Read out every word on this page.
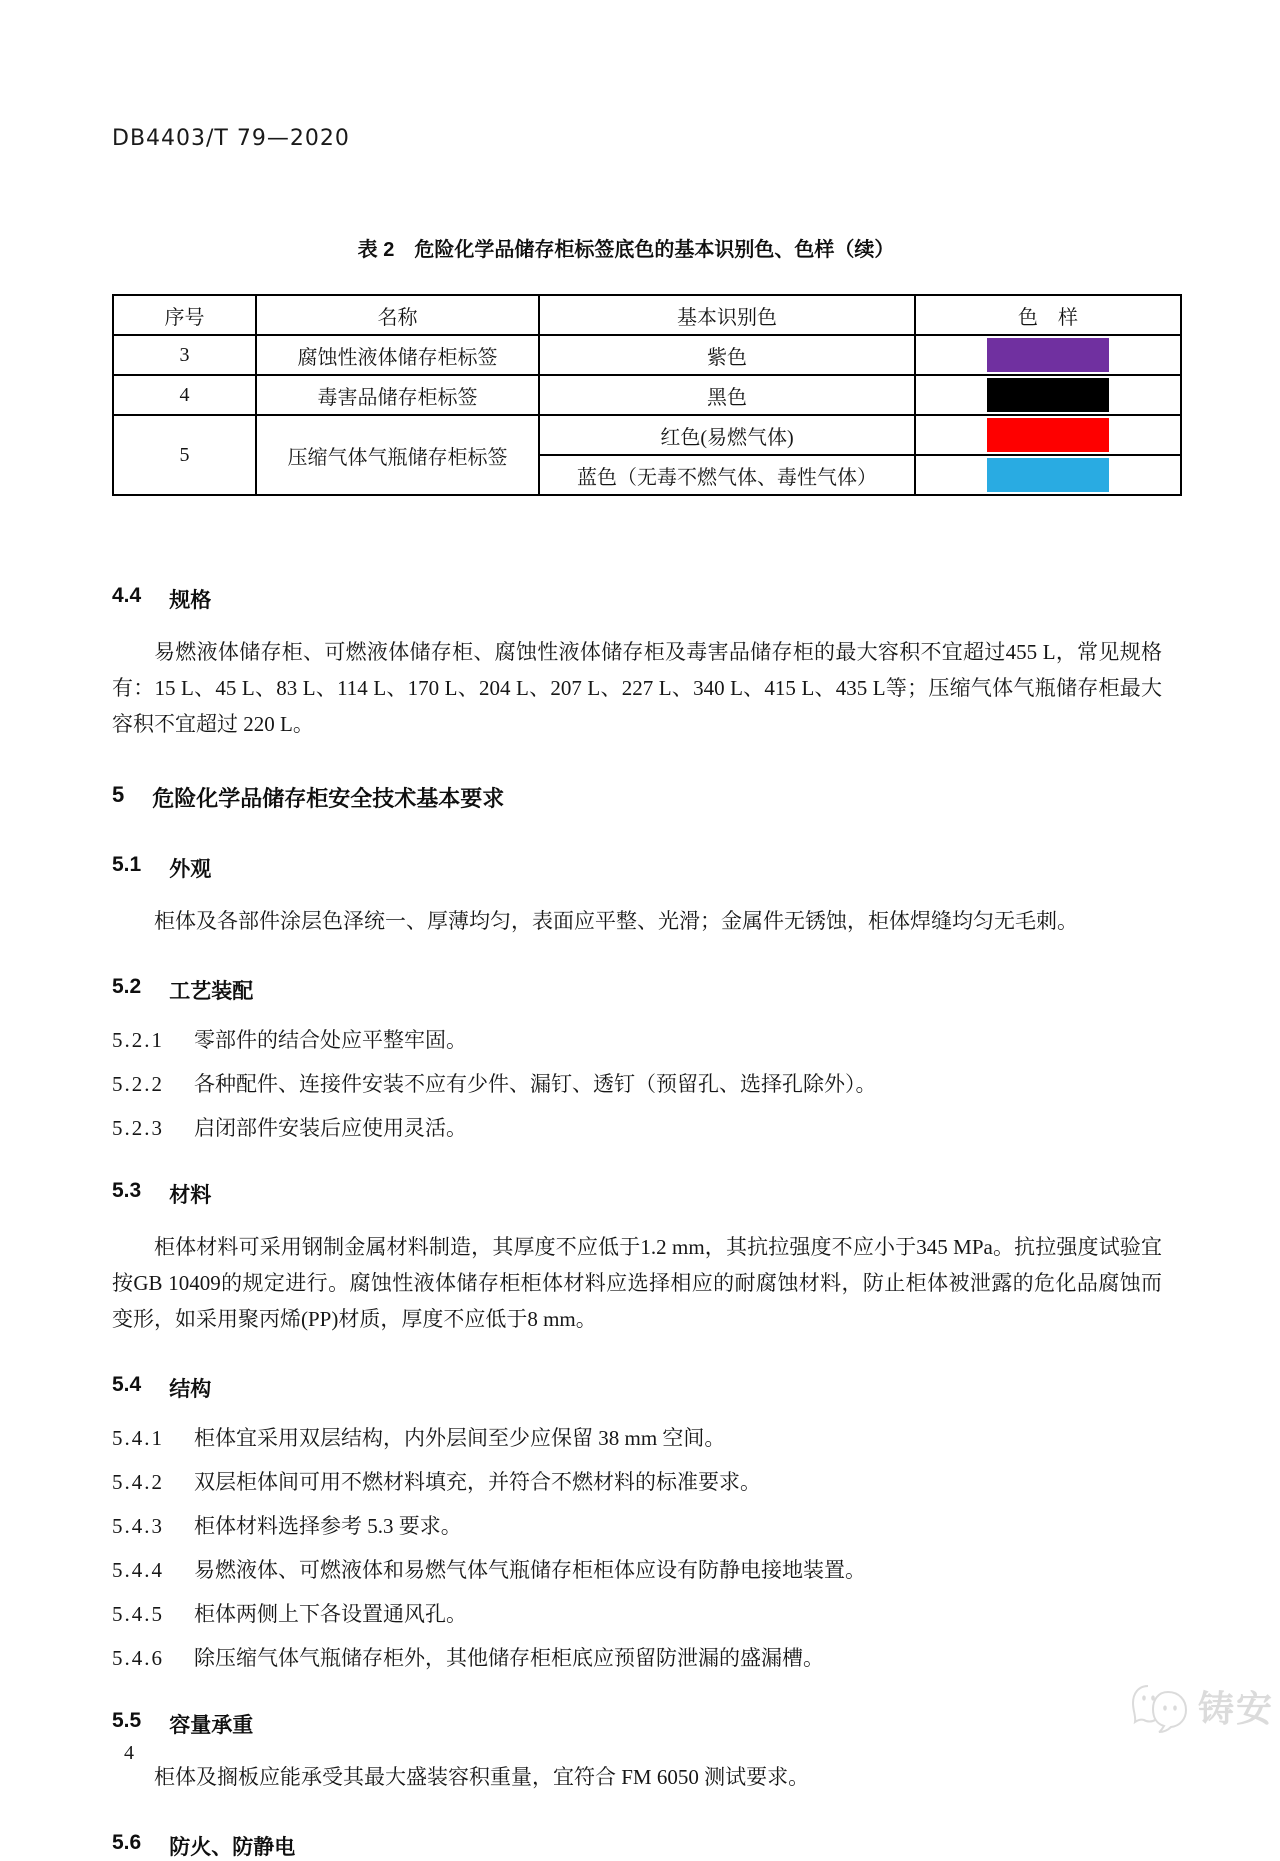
DB4403/T 79—2020
表 2　危险化学品储存柜标签底色的基本识别色、色样（续）
序号	名称	基本识别色	色　样
3	腐蚀性液体储存柜标签	紫色	

4	毒害品储存柜标签	黑色	

5	压缩气体气瓶储存柜标签	红色(易燃气体)	

		蓝色（无毒不燃气体、毒性气体）	
4.4 规格

易燃液体储存柜、可燃液体储存柜、腐蚀性液体储存柜及毒害品储存柜的最大容积不宜超过455 L，常见规格有：15 L、45 L、83 L、114 L、170 L、204 L、207 L、227 L、340 L、415 L、435 L等；压缩气体气瓶储存柜最大容积不宜超过 220 L。

5 危险化学品储存柜安全技术基本要求
5.1 外观

柜体及各部件涂层色泽统一、厚薄均匀，表面应平整、光滑；金属件无锈蚀，柜体焊缝均匀无毛刺。

5.2 工艺装配

5.2.1 零部件的结合处应平整牢固。

5.2.2 各种配件、连接件安装不应有少件、漏钉、透钉（预留孔、选择孔除外）。

5.2.3 启闭部件安装后应使用灵活。

5.3 材料

柜体材料可采用钢制金属材料制造，其厚度不应低于1.2 mm，其抗拉强度不应小于345 MPa。抗拉强度试验宜按GB 10409的规定进行。腐蚀性液体储存柜柜体材料应选择相应的耐腐蚀材料，防止柜体被泄露的危化品腐蚀而变形，如采用聚丙烯(PP)材质，厚度不应低于8 mm。

5.4 结构

5.4.1 柜体宜采用双层结构，内外层间至少应保留 38 mm 空间。

5.4.2 双层柜体间可用不燃材料填充，并符合不燃材料的标准要求。

5.4.3 柜体材料选择参考 5.3 要求。

5.4.4 易燃液体、可燃液体和易燃气体气瓶储存柜柜体应设有防静电接地装置。

5.4.5 柜体两侧上下各设置通风孔。

5.4.6 除压缩气体气瓶储存柜外，其他储存柜柜底应预留防泄漏的盛漏槽。

5.5 容量承重

柜体及搁板应能承受其最大盛装容积重量，宜符合 FM 6050 测试要求。

5.6 防火、防静电
4
铸安
